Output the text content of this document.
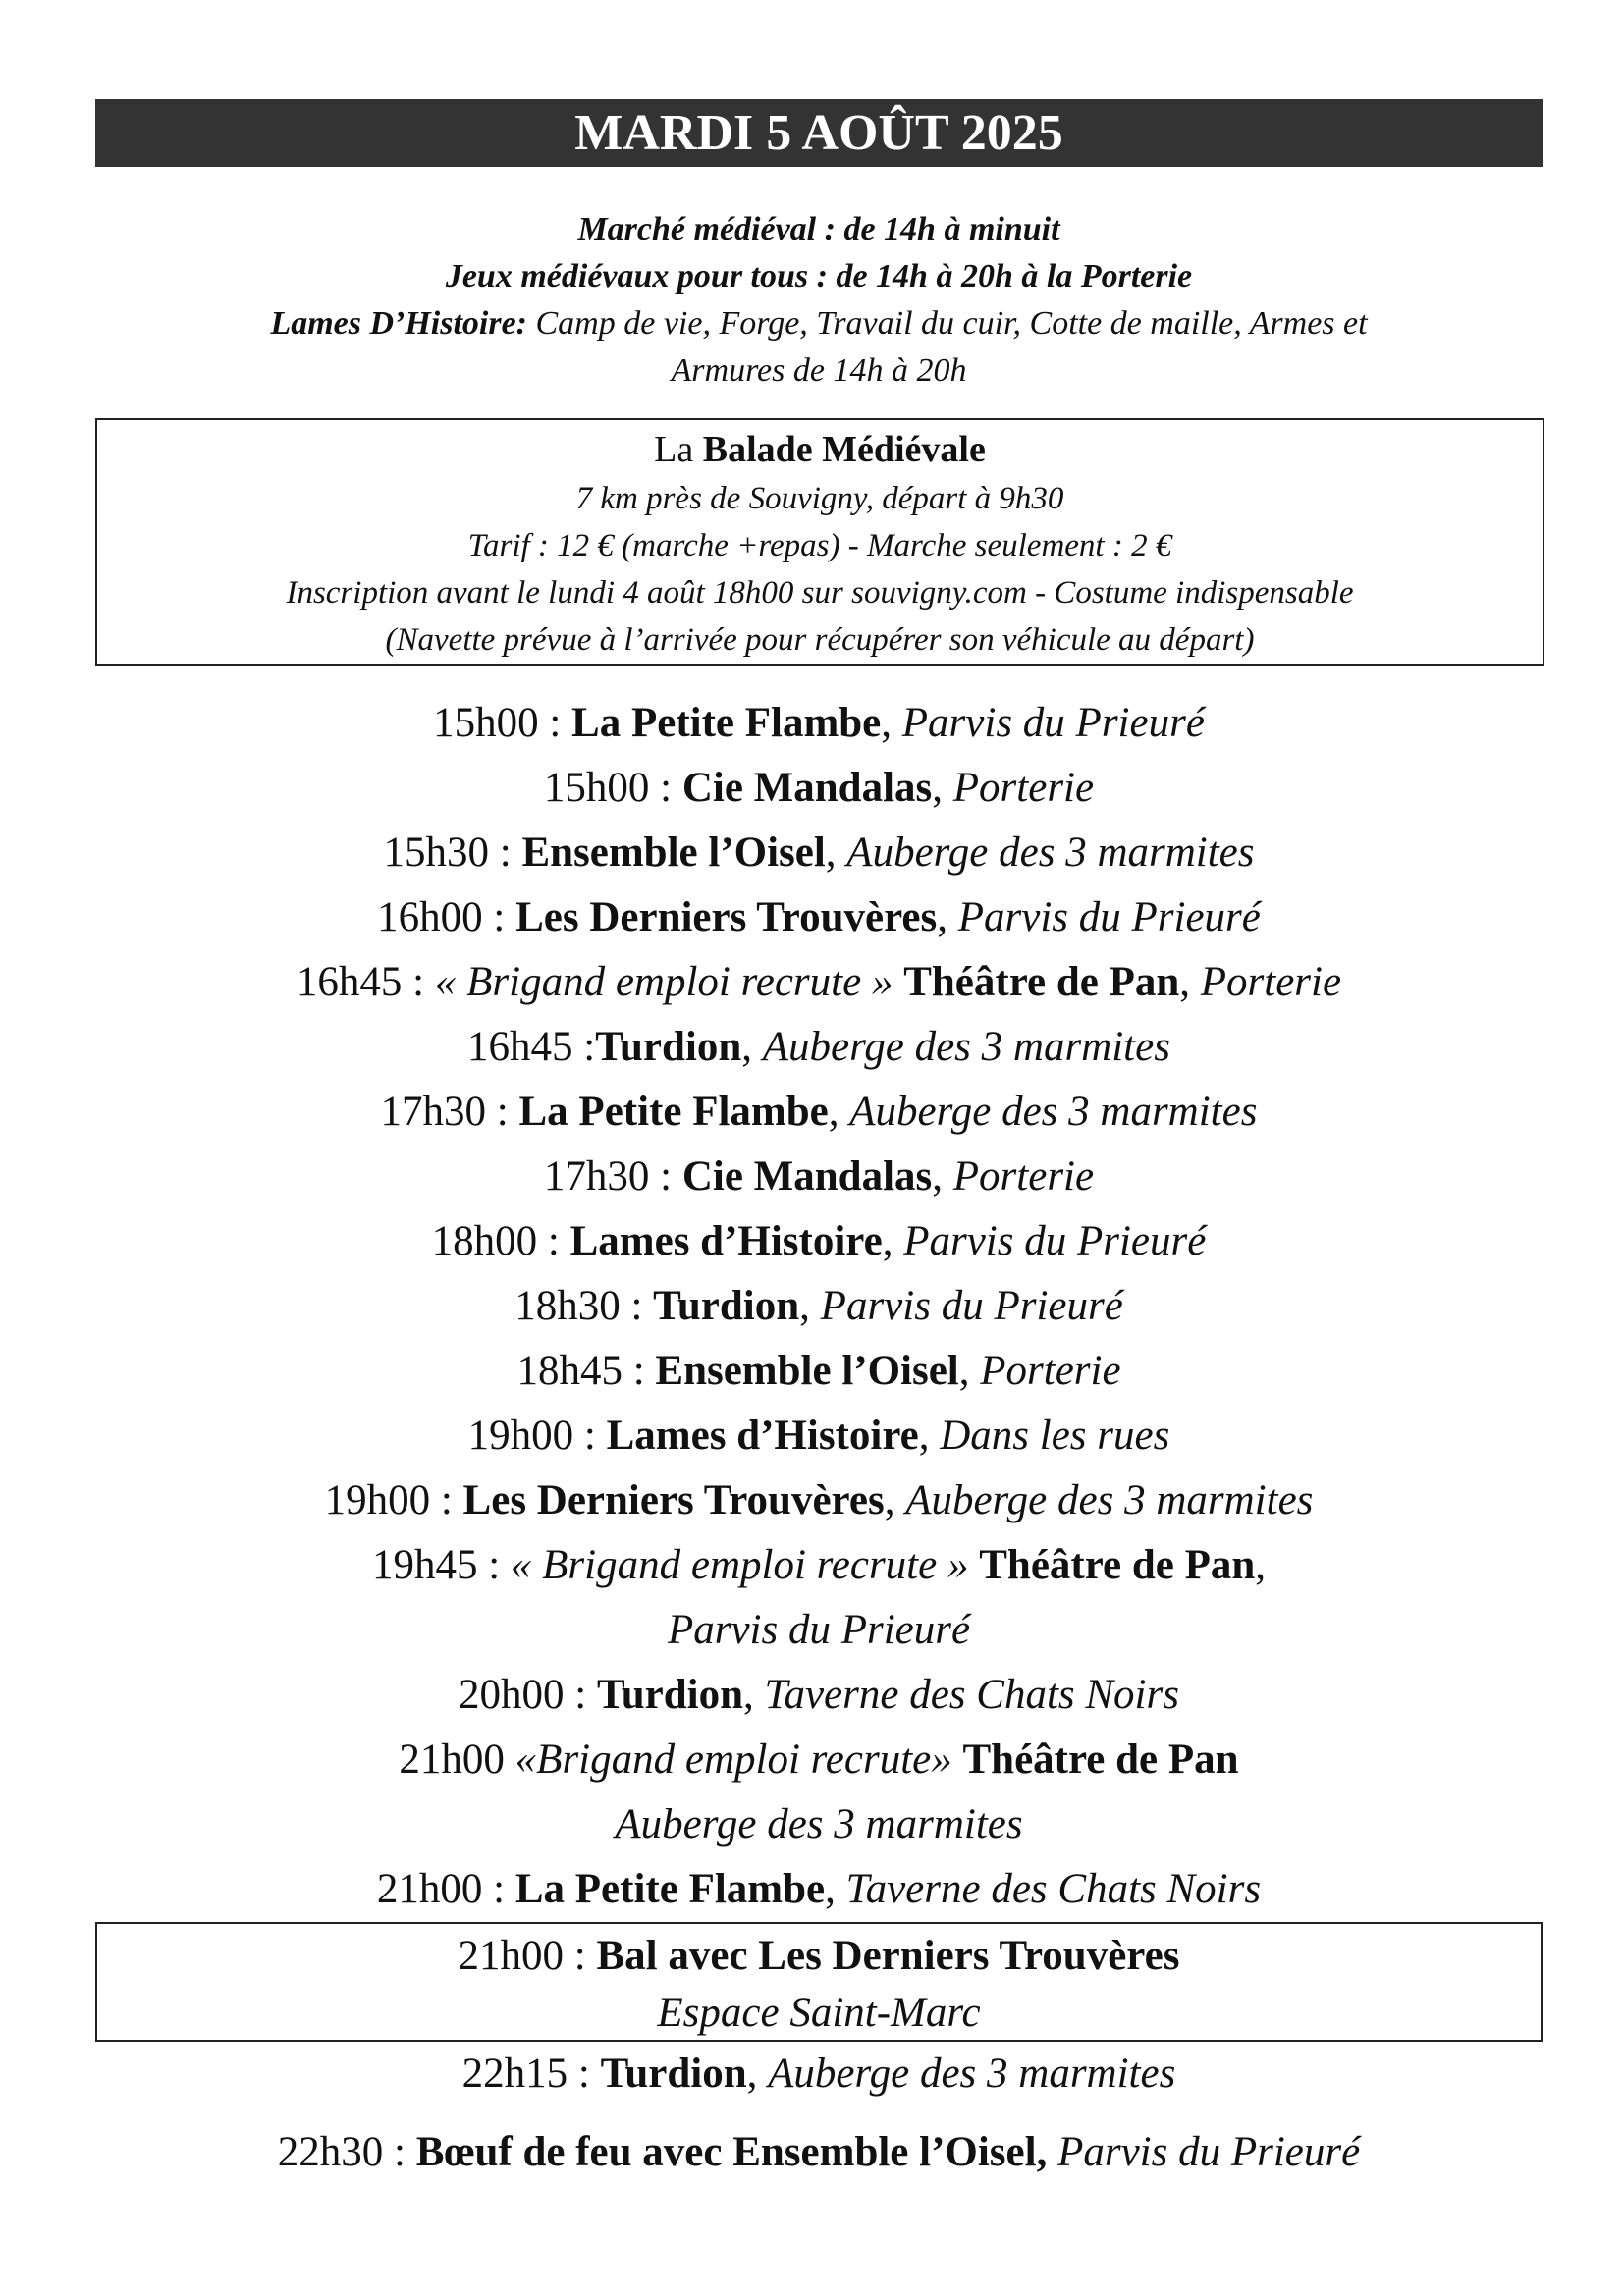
MARDI 5 AOÛT 2025
Marché médiéval : de 14h à minuit
Jeux médiévaux pour tous : de 14h à 20h à la Porterie
Lames D’Histoire: Camp de vie, Forge, Travail du cuir, Cotte de maille, Armes et
Armures de 14h à 20h
La Balade Médiévale
7 km près de Souvigny, départ à 9h30
Tarif : 12 € (marche +repas) - Marche seulement : 2 €
Inscription avant le lundi 4 août 18h00 sur souvigny.com - Costume indispensable
(Navette prévue à l’arrivée pour récupérer son véhicule au départ)
15h00 : La Petite Flambe, Parvis du Prieuré
15h00 : Cie Mandalas, Porterie
15h30 : Ensemble l’Oisel, Auberge des 3 marmites
16h00 : Les Derniers Trouvères, Parvis du Prieuré
16h45 : « Brigand emploi recrute » Théâtre de Pan, Porterie
16h45 :Turdion, Auberge des 3 marmites
17h30 : La Petite Flambe, Auberge des 3 marmites
17h30 : Cie Mandalas, Porterie
18h00 : Lames d’Histoire, Parvis du Prieuré
18h30 : Turdion, Parvis du Prieuré
18h45 : Ensemble l’Oisel, Porterie
19h00 : Lames d’Histoire, Dans les rues
19h00 : Les Derniers Trouvères, Auberge des 3 marmites
19h45 : « Brigand emploi recrute » Théâtre de Pan,
Parvis du Prieuré
20h00 : Turdion, Taverne des Chats Noirs
21h00 «Brigand emploi recrute» Théâtre de Pan
Auberge des 3 marmites
21h00 : La Petite Flambe, Taverne des Chats Noirs
21h00 : Bal avec Les Derniers Trouvères
Espace Saint-Marc
22h15 : Turdion, Auberge des 3 marmites
22h30 : Bœuf de feu avec Ensemble l’Oisel, Parvis du Prieuré
